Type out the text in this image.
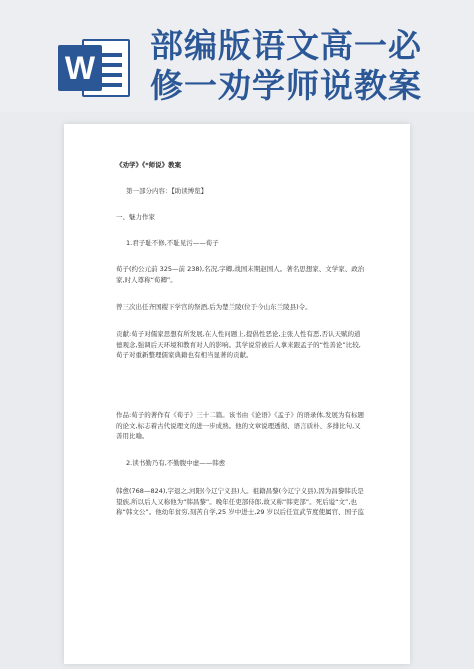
W
部编版语文高一必
修一劝学师说教案

《劝学》《*师说》教案

第一部分内容：【助读博览】

一、魅力作家

1.君子耻不修,不耻见污——荀子

荀子(约公元前 325—前 238),名况,字卿,战国末期赵国人。著名思想家、文学家、政治家,时人尊称“荀卿”。

曾三次出任齐国稷下学宫的祭酒,后为楚兰陵(位于今山东兰陵县)令。

贡献:荀子对儒家思想有所发展,在人性问题上,提倡性恶论,主张人性有恶,否认天赋的道德观念,强调后天环境和教育对人的影响。其学说常被后人拿来跟孟子的“性善论”比较,荀子对重新整理儒家典籍也有相当显著的贡献。

作品:荀子的著作有《荀子》三十二篇。该书由《论语》《孟子》的语录体,发展为有标题的论文,标志着古代说理文的进一步成熟。他的文章说理透彻、语言质朴、多排比句,又善用比喻。

2.读书勤乃有,不勤腹中虚——韩愈

韩愈(768—824),字退之,河阳(今辽宁义县)人。祖籍昌黎(今辽宁义县),因为昌黎韩氏是望族,所以后人又称他为“韩昌黎”。晚年任吏部侍郎,故又称“韩吏部”。死后谥“文”,也称“韩文公”。他幼年贫穷,刻苦自学,25 岁中进士,29 岁以后任宣武节度使属官、国子监
